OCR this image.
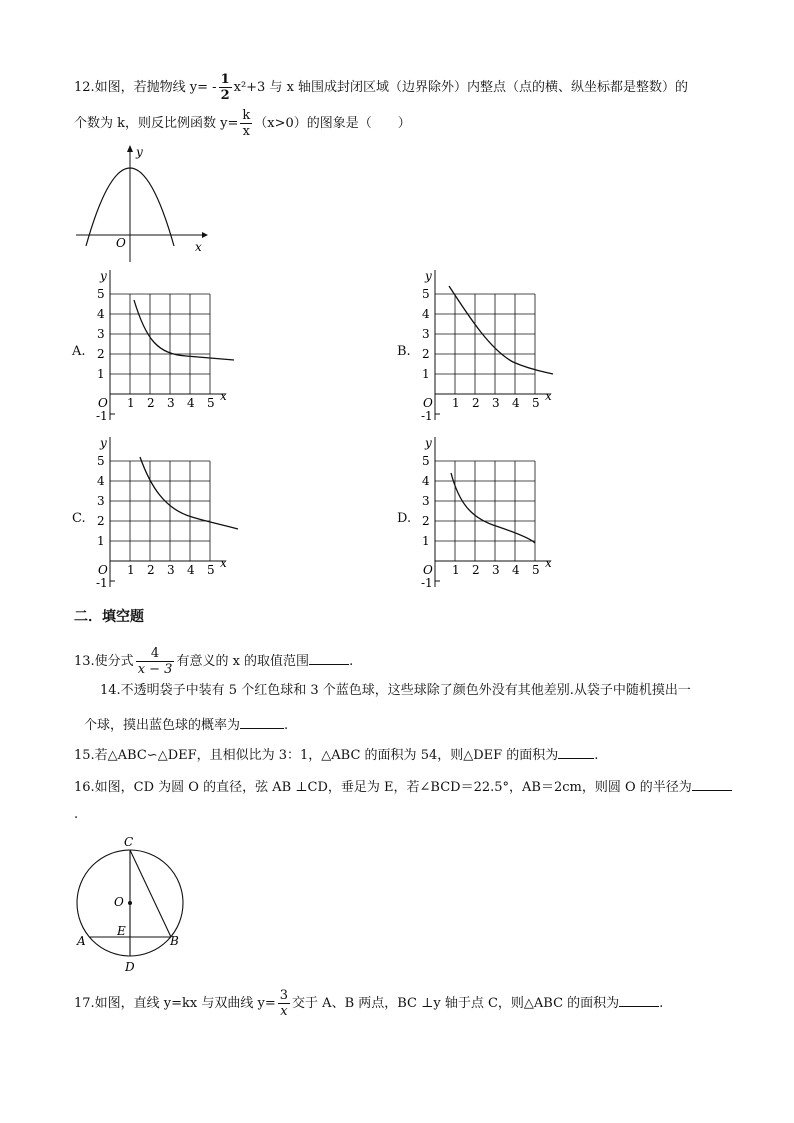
12.如图，若抛物线 $y= - \frac{1}{2} x^2+3$ 与 x 轴围成封闭区域（边界除外）内整点（点的横、纵坐标都是整数）的
个数为 k，则反比例函数 $y= \frac{k}{x} (x>0)$的图象是（　　）
y
O	x
A.	B.
C.	D.
y
x
O
-1
5
4
3
2
1
1 2 3 4 5
y
x
O
-1
5
4
3
2
1
1 2 3 4 5
y
x
O
-1
5
4
3
2
1
1 2 3 4 5
y
x
O
-1
5
4
3
2
1
1 2 3 4 5
二．填空题
13.使分式 $\frac{4}{x - 3}$ 有意义的 x 的取值范围	.
14.不透明袋子中装有 5 个红色球和 3 个蓝色球，这些球除了颜色外没有其他差别.从袋子中随机摸出一
个球，摸出蓝色球的概率为	.
15.若△ABC∽△DEF，且相似比为 3：1，△ABC 的面积为 54，则△DEF 的面积为	.
16.如图，CD 为圆 O 的直径，弦 AB ⊥CD，垂足为 E，若∠BCD＝22.5°，AB＝2cm，则圆 O 的半径为
.
C
O
E
A	B
D
17.如图，直线 y=kx 与双曲线 $y= \frac{3}{x}$ 交于 A、B 两点，BC ⊥y 轴于点 C，则△ABC 的面积为	.
